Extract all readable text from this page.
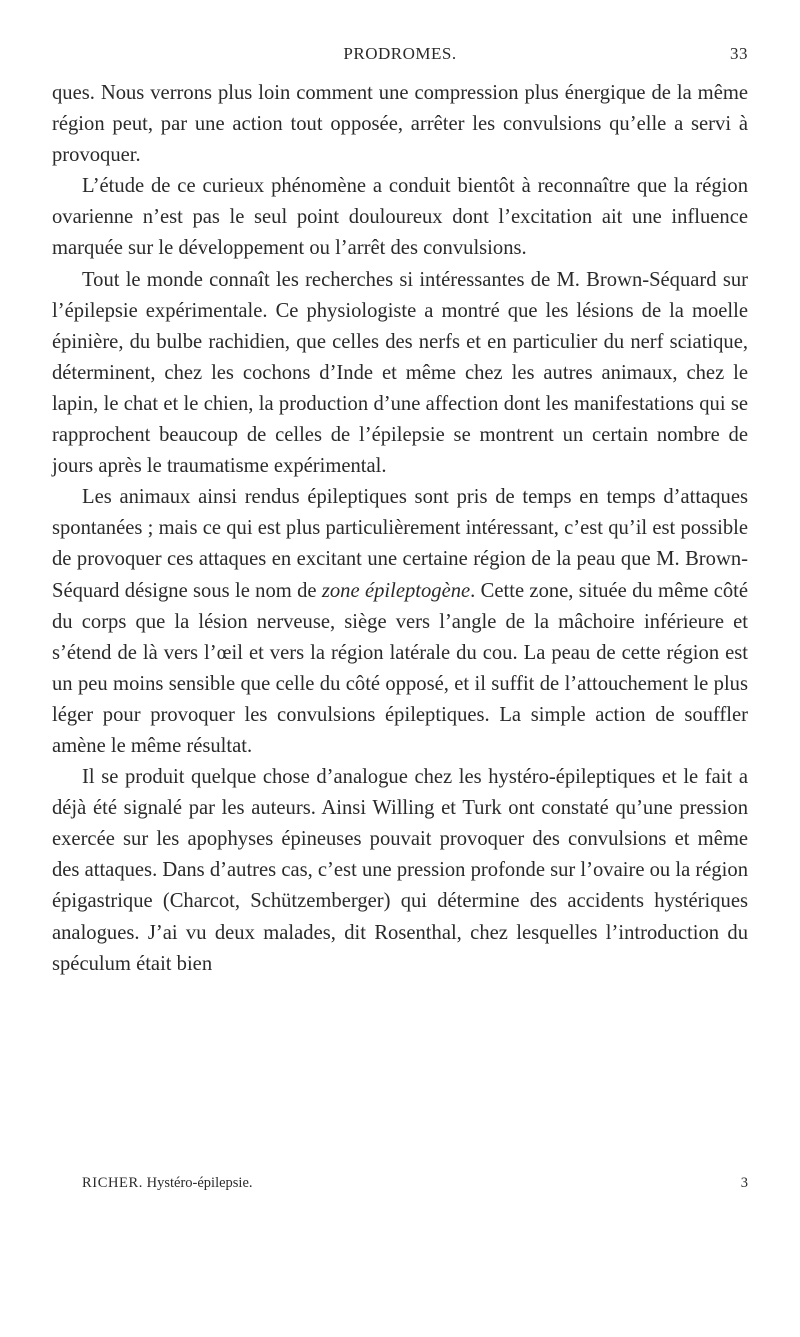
PRODROMES.	33

ques. Nous verrons plus loin comment une compression plus énergique de la même région peut, par une action tout opposée, arrêter les convulsions qu’elle a servi à provoquer.

L’étude de ce curieux phénomène a conduit bientôt à reconnaître que la région ovarienne n’est pas le seul point douloureux dont l’excitation ait une influence marquée sur le développement ou l’arrêt des convulsions.

Tout le monde connaît les recherches si intéressantes de M. Brown-Séquard sur l’épilepsie expérimentale. Ce physiologiste a montré que les lésions de la moelle épinière, du bulbe rachidien, que celles des nerfs et en particulier du nerf sciatique, déterminent, chez les cochons d’Inde et même chez les autres animaux, chez le lapin, le chat et le chien, la production d’une affection dont les manifestations qui se rapprochent beaucoup de celles de l’épilepsie se montrent un certain nombre de jours après le traumatisme expérimental.

Les animaux ainsi rendus épileptiques sont pris de temps en temps d’attaques spontanées ; mais ce qui est plus particulièrement intéressant, c’est qu’il est possible de provoquer ces attaques en excitant une certaine région de la peau que M. Brown-Séquard désigne sous le nom de zone épileptogène. Cette zone, située du même côté du corps que la lésion nerveuse, siège vers l’angle de la mâchoire inférieure et s’étend de là vers l’œil et vers la région latérale du cou. La peau de cette région est un peu moins sensible que celle du côté opposé, et il suffit de l’attouchement le plus léger pour provoquer les convulsions épileptiques. La simple action de souffler amène le même résultat.

Il se produit quelque chose d’analogue chez les hystéro-épileptiques et le fait a déjà été signalé par les auteurs. Ainsi Willing et Turk ont constaté qu’une pression exercée sur les apophyses épineuses pouvait provoquer des convulsions et même des attaques. Dans d’autres cas, c’est une pression profonde sur l’ovaire ou la région épigastrique (Charcot, Schützemberger) qui détermine des accidents hystériques analogues. J’ai vu deux malades, dit Rosenthal, chez lesquelles l’introduction du spéculum était bien

RICHER. Hystéro-épilepsie.	3
